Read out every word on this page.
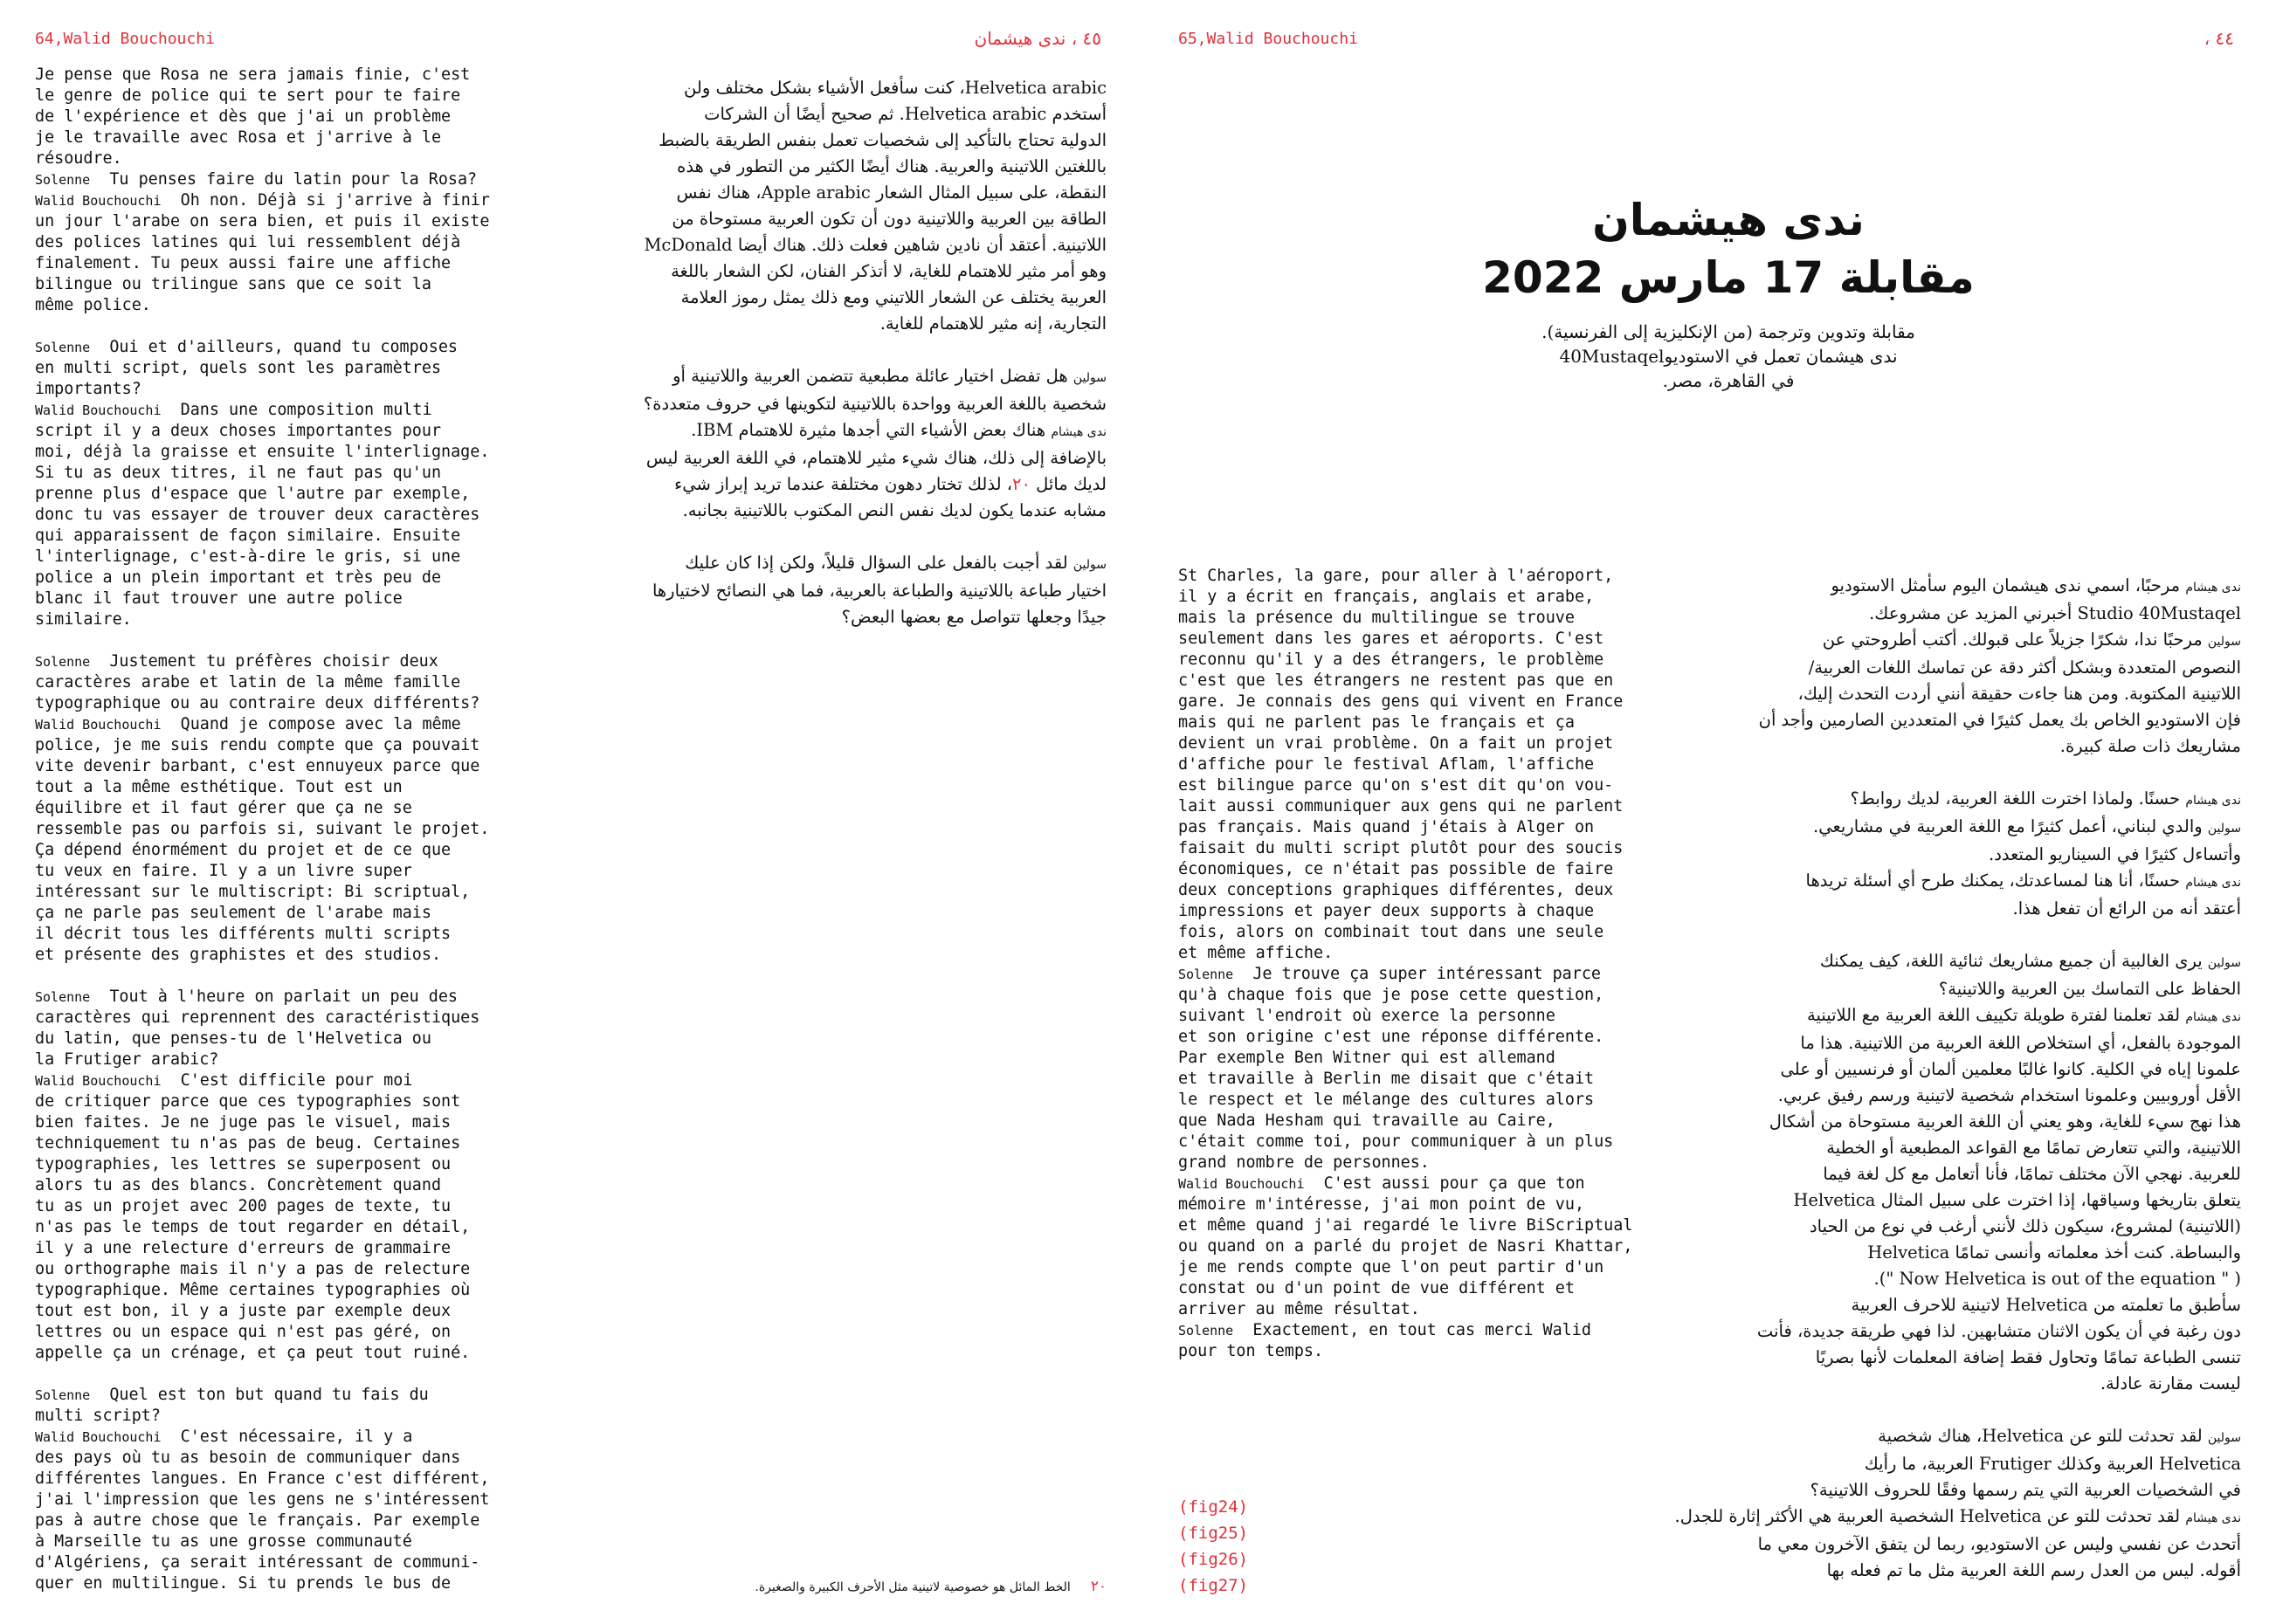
64,Walid Bouchouchi	٤٥ ، ندى هيشمان

Je pense que Rosa ne sera jamais finie, c'est
le genre de police qui te sert pour te faire
de l'expérience et dès que j'ai un problème
je le travaille avec Rosa et j'arrive à le
résoudre.
Solenne  Tu penses faire du latin pour la Rosa?
Walid Bouchouchi  Oh non. Déjà si j'arrive à finir
un jour l'arabe on sera bien, et puis il existe
des polices latines qui lui ressemblent déjà
finalement. Tu peux aussi faire une affiche
bilingue ou trilingue sans que ce soit la
même police.

Solenne  Oui et d'ailleurs, quand tu composes
en multi script, quels sont les paramètres
importants?
Walid Bouchouchi  Dans une composition multi
script il y a deux choses importantes pour
moi, déjà la graisse et ensuite l'interlignage.
Si tu as deux titres, il ne faut pas qu'un
prenne plus d'espace que l'autre par exemple,
donc tu vas essayer de trouver deux caractères
qui apparaissent de façon similaire. Ensuite
l'interlignage, c'est-à-dire le gris, si une
police a un plein important et très peu de
blanc il faut trouver une autre police
similaire.

Solenne  Justement tu préfères choisir deux
caractères arabe et latin de la même famille
typographique ou au contraire deux différents?
Walid Bouchouchi  Quand je compose avec la même
police, je me suis rendu compte que ça pouvait
vite devenir barbant, c'est ennuyeux parce que
tout a la même esthétique. Tout est un
équilibre et il faut gérer que ça ne se
ressemble pas ou parfois si, suivant le projet.
Ça dépend énormément du projet et de ce que
tu veux en faire. Il y a un livre super
intéressant sur le multiscript: Bi scriptual,
ça ne parle pas seulement de l'arabe mais
il décrit tous les différents multi scripts
et présente des graphistes et des studios.

Solenne  Tout à l'heure on parlait un peu des
caractères qui reprennent des caractéristiques
du latin, que penses-tu de l'Helvetica ou
la Frutiger arabic?
Walid Bouchouchi  C'est difficile pour moi
de critiquer parce que ces typographies sont
bien faites. Je ne juge pas le visuel, mais
techniquement tu n'as pas de beug. Certaines
typographies, les lettres se superposent ou
alors tu as des blancs. Concrètement quand
tu as un projet avec 200 pages de texte, tu
n'as pas le temps de tout regarder en détail,
il y a une relecture d'erreurs de grammaire
ou orthographe mais il n'y a pas de relecture
typographique. Même certaines typographies où
tout est bon, il y a juste par exemple deux
lettres ou un espace qui n'est pas géré, on
appelle ça un crénage, et ça peut tout ruiné.

Solenne  Quel est ton but quand tu fais du
multi script?
Walid Bouchouchi  C'est nécessaire, il y a
des pays où tu as besoin de communiquer dans
différentes langues. En France c'est différent,
j'ai l'impression que les gens ne s'intéressent
pas à autre chose que le français. Par exemple
à Marseille tu as une grosse communauté
d'Algériens, ça serait intéressant de communi-
quer en multilingue. Si tu prends le bus de

Helvetica arabic، كنت سأفعل الأشياء بشكل مختلف ولن
أستخدم Helvetica arabic. ثم صحيح أيضًا أن الشركات
الدولية تحتاج بالتأكيد إلى شخصيات تعمل بنفس الطريقة بالضبط
باللغتين اللاتينية والعربية. هناك أيضًا الكثير من التطور في هذه
النقطة، على سبيل المثال الشعار Apple arabic، هناك نفس
الطاقة بين العربية واللاتينية دون أن تكون العربية مستوحاة من
اللاتينية. أعتقد أن نادين شاهين فعلت ذلك. هناك أيضا McDonald
وهو أمر مثير للاهتمام للغاية، لا أتذكر الفنان، لكن الشعار باللغة
العربية يختلف عن الشعار اللاتيني ومع ذلك يمثل رموز العلامة
التجارية، إنه مثير للاهتمام للغاية.

سولين هل تفضل اختيار عائلة مطبعية تتضمن العربية واللاتينية أو
شخصية باللغة العربية وواحدة باللاتينية لتكوينها في حروف متعددة؟
ندى هيشام هناك بعض الأشياء التي أجدها مثيرة للاهتمام IBM.
بالإضافة إلى ذلك، هناك شيء مثير للاهتمام، في اللغة العربية ليس
لديك مائل ٢٠، لذلك تختار دهون مختلفة عندما تريد إبراز شيء
مشابه عندما يكون لديك نفس النص المكتوب باللاتينية بجانبه.

سولين لقد أجبت بالفعل على السؤال قليلاً، ولكن إذا كان عليك
اختيار طباعة باللاتينية والطباعة بالعربية، فما هي النصائح لاختيارها
جيدًا وجعلها تتواصل مع بعضها البعض؟

٢٠  الخط المائل هو خصوصية لاتينية مثل الأحرف الكبيرة والصغيرة.
65,Walid Bouchouchi	٤٤ ،
ندى هيشمان
مقابلة 17 مارس 2022
مقابلة وتدوين وترجمة (من الإنكليزية إلى الفرنسية).
ندى هيشمان تعمل في الاستوديو40Mustaqel
في القاهرة، مصر.

St Charles, la gare, pour aller à l'aéroport,
il y a écrit en français, anglais et arabe,
mais la présence du multilingue se trouve
seulement dans les gares et aéroports. C'est
reconnu qu'il y a des étrangers, le problème
c'est que les étrangers ne restent pas que en
gare. Je connais des gens qui vivent en France
mais qui ne parlent pas le français et ça
devient un vrai problème. On a fait un projet
d'affiche pour le festival Aflam, l'affiche
est bilingue parce qu'on s'est dit qu'on vou-
lait aussi communiquer aux gens qui ne parlent
pas français. Mais quand j'étais à Alger on
faisait du multi script plutôt pour des soucis
économiques, ce n'était pas possible de faire
deux conceptions graphiques différentes, deux
impressions et payer deux supports à chaque
fois, alors on combinait tout dans une seule
et même affiche.
Solenne  Je trouve ça super intéressant parce
qu'à chaque fois que je pose cette question,
suivant l'endroit où exerce la personne
et son origine c'est une réponse différente.
Par exemple Ben Witner qui est allemand
et travaille à Berlin me disait que c'était
le respect et le mélange des cultures alors
que Nada Hesham qui travaille au Caire,
c'était comme toi, pour communiquer à un plus
grand nombre de personnes.
Walid Bouchouchi  C'est aussi pour ça que ton
mémoire m'intéresse, j'ai mon point de vu,
et même quand j'ai regardé le livre BiScriptual
ou quand on a parlé du projet de Nasri Khattar,
je me rends compte que l'on peut partir d'un
constat ou d'un point de vue différent et
arriver au même résultat.
Solenne  Exactement, en tout cas merci Walid
pour ton temps.

(fig24)
(fig25)
(fig26)
(fig27)

ندى هيشام مرحبًا، اسمي ندى هيشمان اليوم سأمثل الاستوديو
Studio 40Mustaqel أخبرني المزيد عن مشروعك.
سولين مرحبًا ندا، شكرًا جزيلاً على قبولك. أكتب أطروحتي عن
النصوص المتعددة وبشكل أكثر دقة عن تماسك اللغات العربية/
اللاتينية المكتوبة. ومن هنا جاءت حقيقة أنني أردت التحدث إليك،
فإن الاستوديو الخاص بك يعمل كثيرًا في المتعددين الصارمين وأجد أن
مشاريعك ذات صلة كبيرة.

ندى هيشام حسنًا. ولماذا اخترت اللغة العربية، لديك روابط؟
سولين والدي لبناني، أعمل كثيرًا مع اللغة العربية في مشاريعي.
وأتساءل كثيرًا في السيناريو المتعدد.
ندى هيشام حسنًا، أنا هنا لمساعدتك، يمكنك طرح أي أسئلة تريدها
أعتقد أنه من الرائع أن تفعل هذا.

سولين يرى الغالبية أن جميع مشاريعك ثنائية اللغة، كيف يمكنك
الحفاظ على التماسك بين العربية واللاتينية؟
ندى هيشام لقد تعلمنا لفترة طويلة تكييف اللغة العربية مع اللاتينية
الموجودة بالفعل، أي استخلاص اللغة العربية من اللاتينية. هذا ما
علمونا إياه في الكلية. كانوا غالبًا معلمين ألمان أو فرنسيين أو على
الأقل أوروبيين وعلمونا استخدام شخصية لاتينية ورسم رفيق عربي.
هذا نهج سيء للغاية، وهو يعني أن اللغة العربية مستوحاة من أشكال
اللاتينية، والتي تتعارض تمامًا مع القواعد المطبعية أو الخطية
للعربية. نهجي الآن مختلف تمامًا، فأنا أتعامل مع كل لغة فيما
يتعلق بتاريخها وسياقها، إذا اخترت على سبيل المثال Helvetica
(اللاتينية) لمشروع، سيكون ذلك لأنني أرغب في نوع من الحياد
والبساطة. كنت أخذ معلماته وأنسى تمامًا Helvetica
( " Now Helvetica is out of the equation ").
سأطبق ما تعلمته من Helvetica لاتينية للاحرف العربية
دون رغبة في أن يكون الاثنان متشابهين. لذا فهي طريقة جديدة، فأنت
تنسى الطباعة تمامًا وتحاول فقط إضافة المعلمات لأنها بصريًا
ليست مقارنة عادلة.

سولين لقد تحدثت للتو عن Helvetica، هناك شخصية
Helvetica العربية وكذلك Frutiger العربية، ما رأيك
في الشخصيات العربية التي يتم رسمها وفقًا للحروف اللاتينية؟
ندى هيشام لقد تحدثت للتو عن Helvetica الشخصية العربية هي الأكثر إثارة للجدل.
أتحدث عن نفسي وليس عن الاستوديو، ربما لن يتفق الآخرون معي ما
أقوله. ليس من العدل رسم اللغة العربية مثل ما تم فعله بها
